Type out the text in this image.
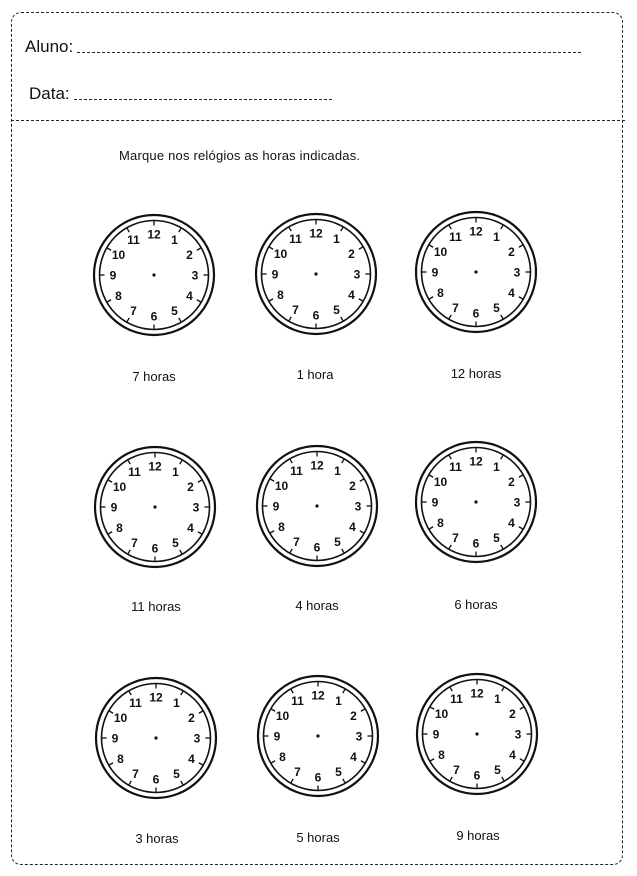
Aluno:
Data:
Marque nos relógios as horas indicadas.
12 1
2
3
4
5
6
7
8
9
10
11	12 1
2
3
4
5
6
7
8
9
10
11
12 1
2
3
4
5
6
7
8
9
10
11
12 1
2
3
4
5
6
7
8
9
10
11	12 1
2
3
4
5
6
7
8
9
10
11
12 1
2
3
4
5
6
7
8
9
10
11
12 1
2
3
4
5
6
7
8
9
10
11
12 1
2
3
4
5
6
7
8
9
10
11
12 1
2
3
4
5
6
7
8
9
10
11
7 horas	1 hora	12 horas
11 horas	4 horas	6 horas
3 horas	5 horas	9 horas
